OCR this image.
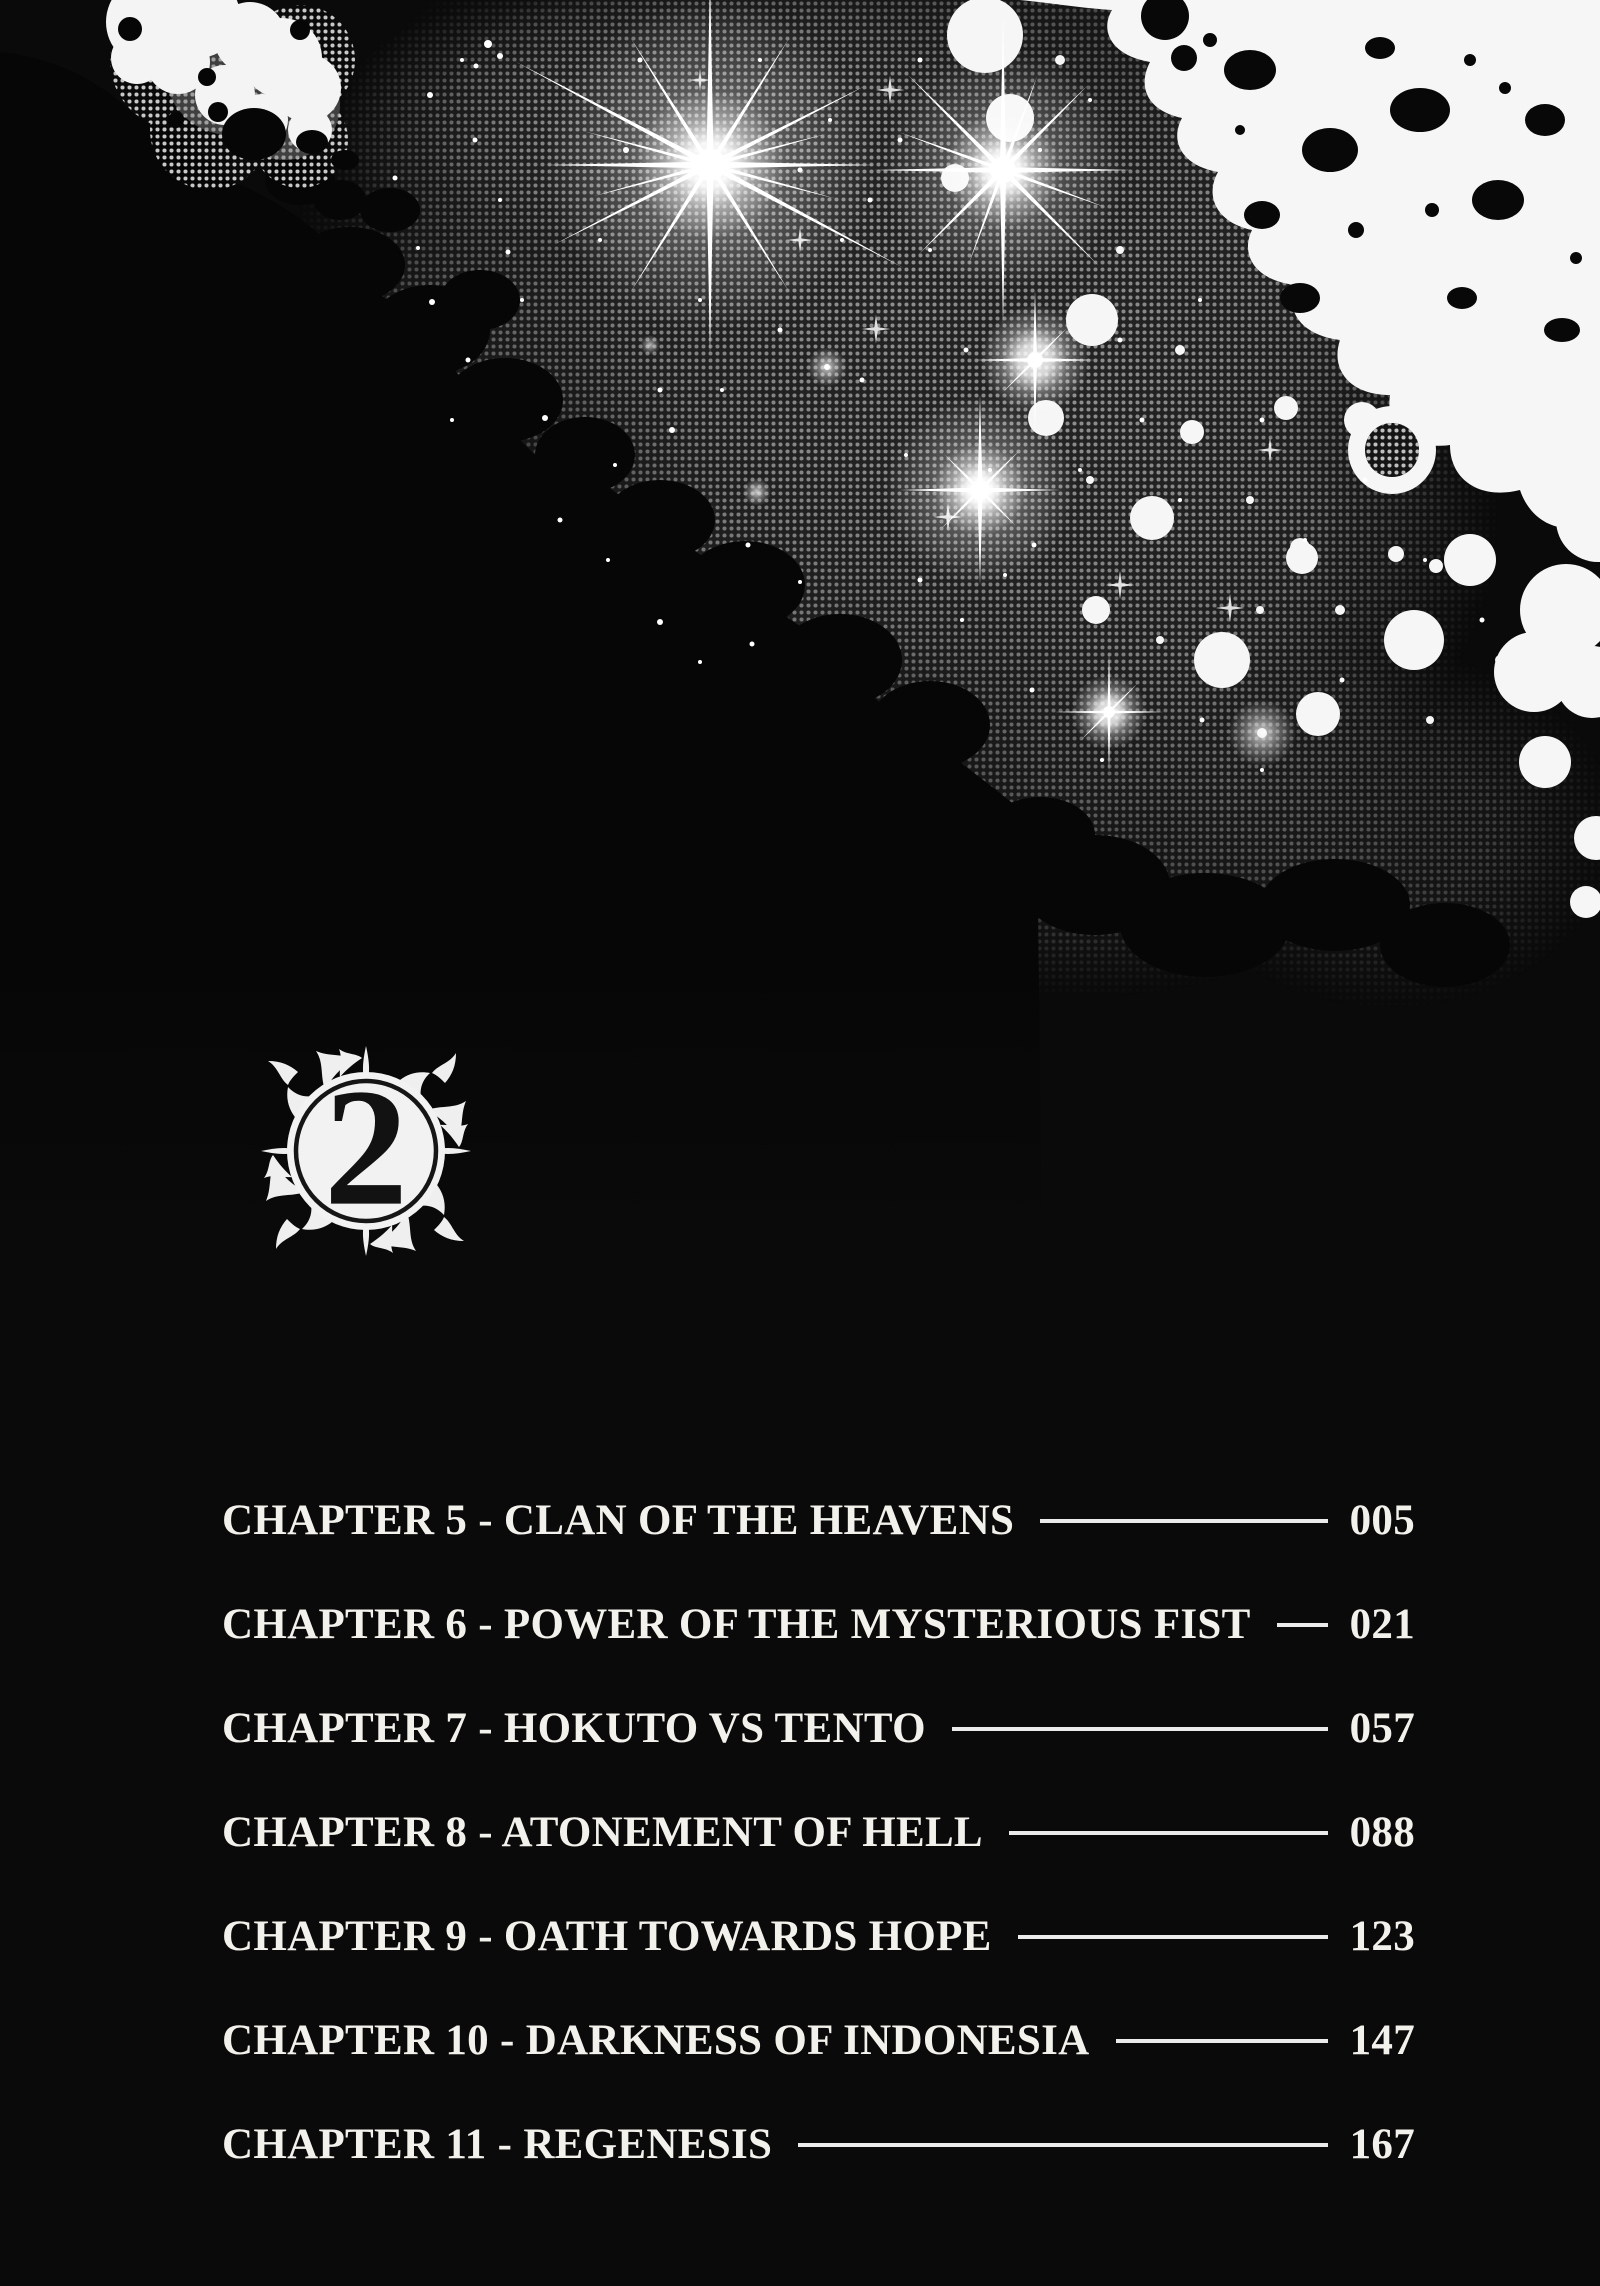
2
CHAPTER 5 - CLAN OF THE HEAVENS	005
CHAPTER 6 - POWER OF THE MYSTERIOUS FIST 021
CHAPTER 7 - HOKUTO VS TENTO	057
CHAPTER 8 - ATONEMENT OF HELL	088
CHAPTER 9 - OATH TOWARDS HOPE	123
CHAPTER 10 - DARKNESS OF INDONESIA	147
CHAPTER 11 - REGENESIS	167
